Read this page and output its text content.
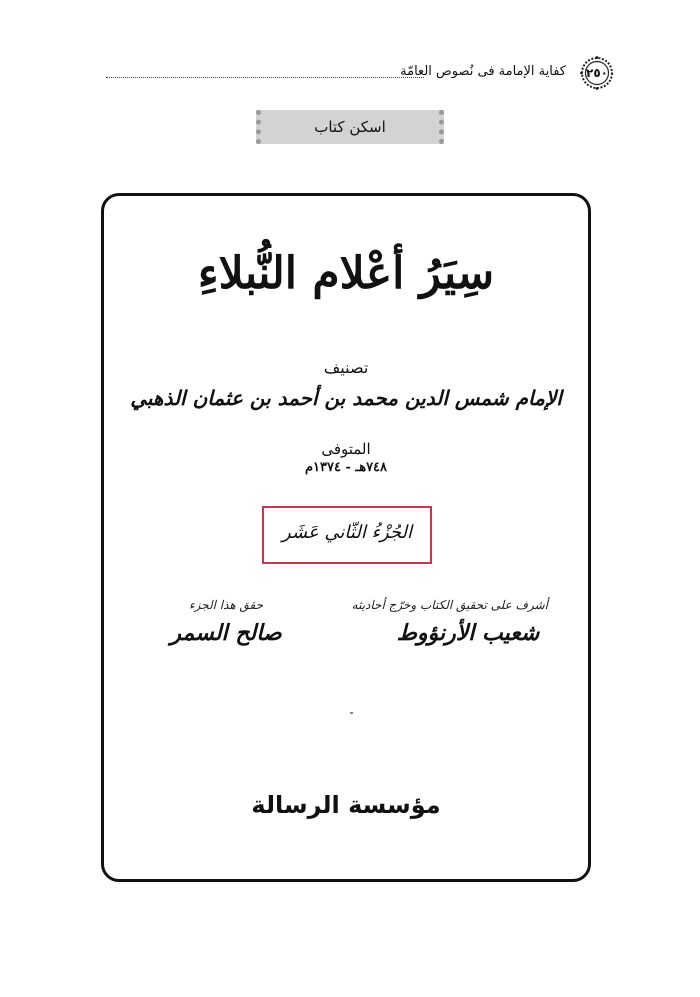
كفاية الإمامة فى نُصوص العامّة	٢٥٠
اسكن كتاب
سِيَرُ أعْلام النُّبلاءِ
تصنيف
الإمام شمس الدين محمد بن أحمد بن عثمان الذهبي
المتوفى
٧٤٨هـ - ١٣٧٤م
الجُزْءُ الثّاني عَشَر
أشرف على تحقيق الكتاب وخرّج أحاديثه
شعيب الأرنؤوط
حقق هذا الجزء
صالح السمر
مؤسسة الرسالة
